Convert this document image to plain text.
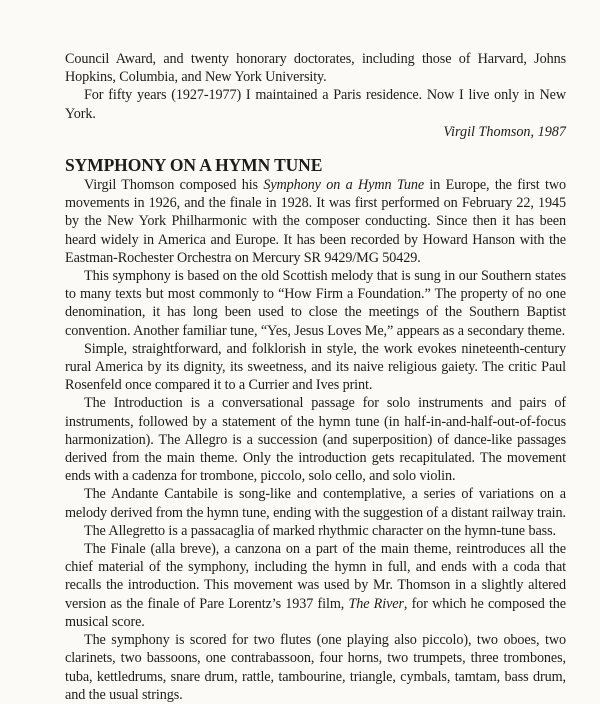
Council Award, and twenty honorary doctorates, including those of Harvard, Johns Hopkins, Columbia, and New York University.

For fifty years (1927-1977) I maintained a Paris residence. Now I live only in New York.

Virgil Thomson, 1987
SYMPHONY ON A HYMN TUNE

Virgil Thomson composed his Symphony on a Hymn Tune in Europe, the first two movements in 1926, and the finale in 1928. It was first performed on February 22, 1945 by the New York Philharmonic with the composer conducting. Since then it has been heard widely in America and Europe. It has been recorded by Howard Hanson with the Eastman-Rochester Orchestra on Mercury SR 9429/MG 50429.

This symphony is based on the old Scottish melody that is sung in our Southern states to many texts but most commonly to “How Firm a Foundation.” The property of no one denomination, it has long been used to close the meetings of the Southern Baptist convention. Another familiar tune, “Yes, Jesus Loves Me,” appears as a secondary theme.

Simple, straightforward, and folklorish in style, the work evokes nineteenth-century rural America by its dignity, its sweetness, and its naive religious gaiety. The critic Paul Rosenfeld once compared it to a Currier and Ives print.

The Introduction is a conversational passage for solo instruments and pairs of instruments, followed by a statement of the hymn tune (in half-in-and-half-out-of-focus harmonization). The Allegro is a succession (and superposition) of dance-like passages derived from the main theme. Only the introduction gets recapitulated. The movement ends with a cadenza for trombone, piccolo, solo cello, and solo violin.

The Andante Cantabile is song-like and contemplative, a series of variations on a melody derived from the hymn tune, ending with the suggestion of a distant railway train.

The Allegretto is a passacaglia of marked rhythmic character on the hymn-tune bass.

The Finale (alla breve), a canzona on a part of the main theme, reintroduces all the chief material of the symphony, including the hymn in full, and ends with a coda that recalls the introduction. This movement was used by Mr. Thomson in a slightly altered version as the finale of Pare Lorentz’s 1937 film, The River, for which he composed the musical score.

The symphony is scored for two flutes (one playing also piccolo), two oboes, two clarinets, two bassoons, one contrabassoon, four horns, two trumpets, three trombones, tuba, kettledrums, snare drum, rattle, tambourine, triangle, cymbals, tamtam, bass drum, and the usual strings.
